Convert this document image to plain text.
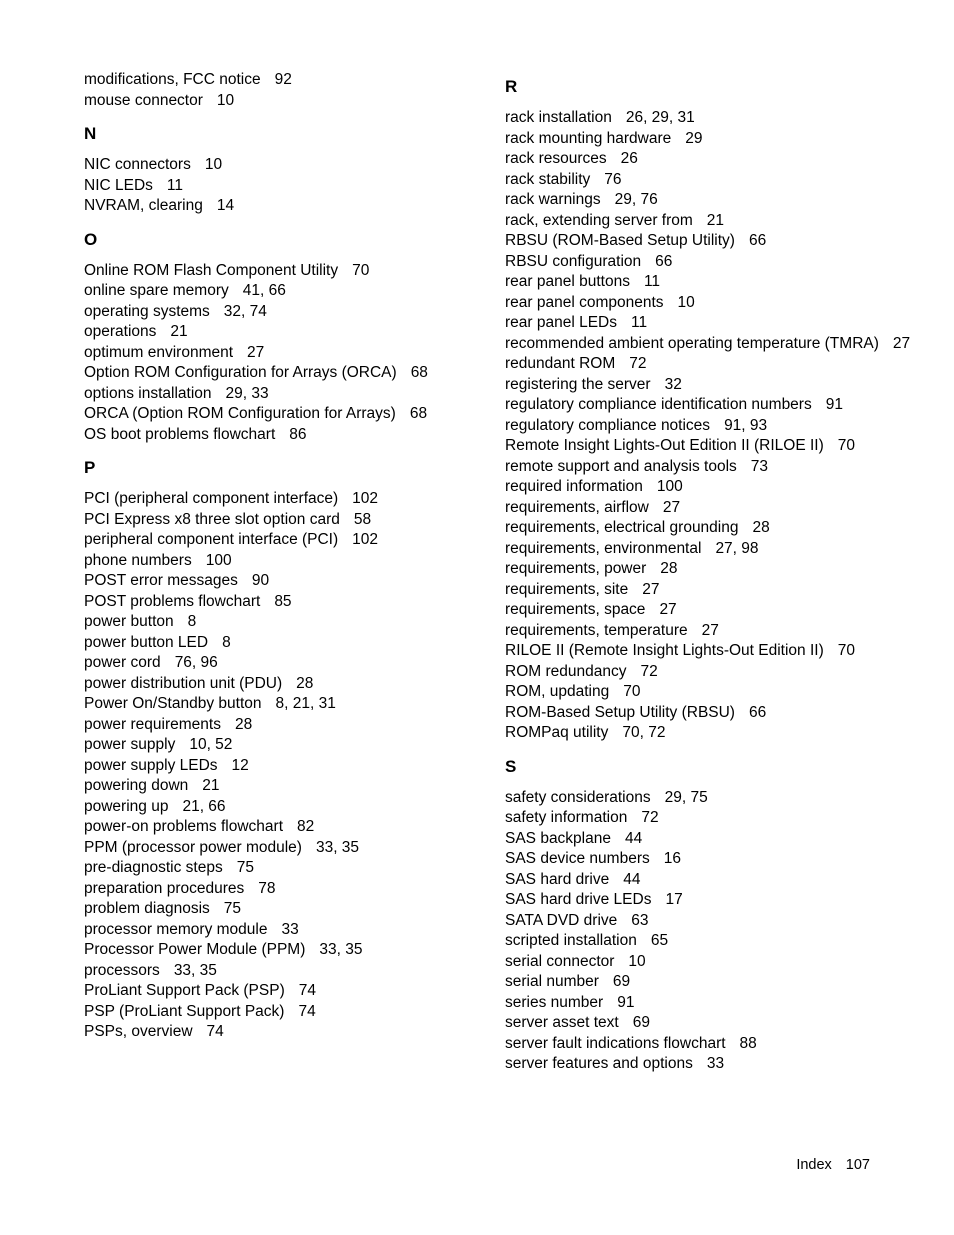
modifications, FCC notice 92
mouse connector 10
N
NIC connectors 10
NIC LEDs 11
NVRAM, clearing 14
O
Online ROM Flash Component Utility 70
online spare memory 41, 66
operating systems 32, 74
operations 21
optimum environment 27
Option ROM Configuration for Arrays (ORCA) 68
options installation 29, 33
ORCA (Option ROM Configuration for Arrays) 68
OS boot problems flowchart 86
P
PCI (peripheral component interface) 102
PCI Express x8 three slot option card 58
peripheral component interface (PCI) 102
phone numbers 100
POST error messages 90
POST problems flowchart 85
power button 8
power button LED 8
power cord 76, 96
power distribution unit (PDU) 28
Power On/Standby button 8, 21, 31
power requirements 28
power supply 10, 52
power supply LEDs 12
powering down 21
powering up 21, 66
power-on problems flowchart 82
PPM (processor power module) 33, 35
pre-diagnostic steps 75
preparation procedures 78
problem diagnosis 75
processor memory module 33
Processor Power Module (PPM) 33, 35
processors 33, 35
ProLiant Support Pack (PSP) 74
PSP (ProLiant Support Pack) 74
PSPs, overview 74
R
rack installation 26, 29, 31
rack mounting hardware 29
rack resources 26
rack stability 76
rack warnings 29, 76
rack, extending server from 21
RBSU (ROM-Based Setup Utility) 66
RBSU configuration 66
rear panel buttons 11
rear panel components 10
rear panel LEDs 11
recommended ambient operating temperature (TMRA) 27
redundant ROM 72
registering the server 32
regulatory compliance identification numbers 91
regulatory compliance notices 91, 93
Remote Insight Lights-Out Edition II (RILOE II) 70
remote support and analysis tools 73
required information 100
requirements, airflow 27
requirements, electrical grounding 28
requirements, environmental 27, 98
requirements, power 28
requirements, site 27
requirements, space 27
requirements, temperature 27
RILOE II (Remote Insight Lights-Out Edition II) 70
ROM redundancy 72
ROM, updating 70
ROM-Based Setup Utility (RBSU) 66
ROMPaq utility 70, 72
S
safety considerations 29, 75
safety information 72
SAS backplane 44
SAS device numbers 16
SAS hard drive 44
SAS hard drive LEDs 17
SATA DVD drive 63
scripted installation 65
serial connector 10
serial number 69
series number 91
server asset text 69
server fault indications flowchart 88
server features and options 33
Index 107
